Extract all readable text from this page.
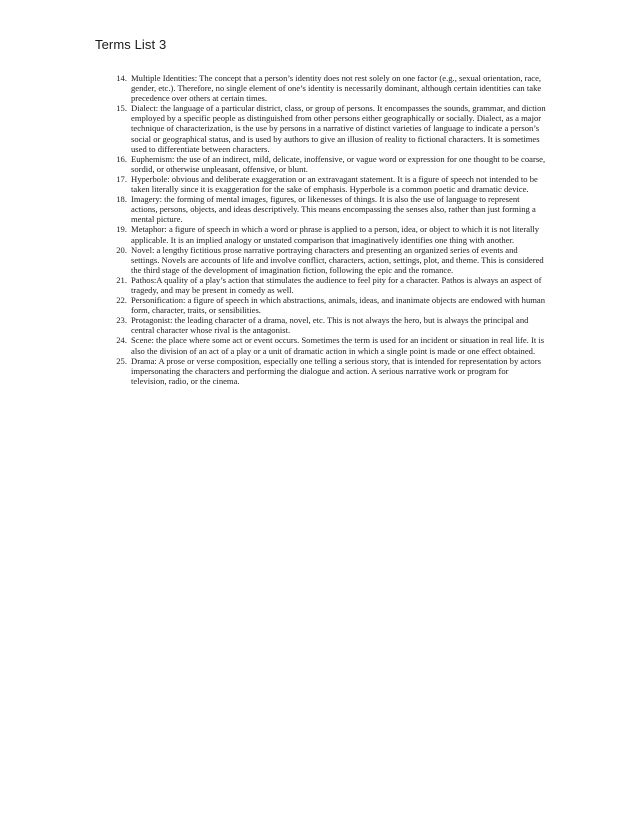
Terms List 3
14. Multiple Identities: The concept that a person’s identity does not rest solely on one factor (e.g., sexual orientation, race, gender, etc.). Therefore, no single element of one’s identity is necessarily dominant, although certain identities can take precedence over others at certain times.
15. Dialect: the language of a particular district, class, or group of persons. It encompasses the sounds, grammar, and diction employed by a specific people as distinguished from other persons either geographically or socially. Dialect, as a major technique of characterization, is the use by persons in a narrative of distinct varieties of language to indicate a person’s social or geographical status, and is used by authors to give an illusion of reality to fictional characters. It is sometimes used to differentiate between characters.
16. Euphemism: the use of an indirect, mild, delicate, inoffensive, or vague word or expression for one thought to be coarse, sordid, or otherwise unpleasant, offensive, or blunt.
17. Hyperbole: obvious and deliberate exaggeration or an extravagant statement. It is a figure of speech not intended to be taken literally since it is exaggeration for the sake of emphasis. Hyperbole is a common poetic and dramatic device.
18. Imagery: the forming of mental images, figures, or likenesses of things. It is also the use of language to represent actions, persons, objects, and ideas descriptively. This means encompassing the senses also, rather than just forming a mental picture.
19. Metaphor: a figure of speech in which a word or phrase is applied to a person, idea, or object to which it is not literally applicable. It is an implied analogy or unstated comparison that imaginatively identifies one thing with another.
20. Novel: a lengthy fictitious prose narrative portraying characters and presenting an organized series of events and settings. Novels are accounts of life and involve conflict, characters, action, settings, plot, and theme. This is considered the third stage of the development of imagination fiction, following the epic and the romance.
21. Pathos:A quality of a play’s action that stimulates the audience to feel pity for a character. Pathos is always an aspect of tragedy, and may be present in comedy as well.
22. Personification: a figure of speech in which abstractions, animals, ideas, and inanimate objects are endowed with human form, character, traits, or sensibilities.
23. Protagonist: the leading character of a drama, novel, etc. This is not always the hero, but is always the principal and central character whose rival is the antagonist.
24. Scene: the place where some act or event occurs. Sometimes the term is used for an incident or situation in real life. It is also the division of an act of a play or a unit of dramatic action in which a single point is made or one effect obtained.
25. Drama: A prose or verse composition, especially one telling a serious story, that is intended for representation by actors impersonating the characters and performing the dialogue and action. A serious narrative work or program for television, radio, or the cinema.
